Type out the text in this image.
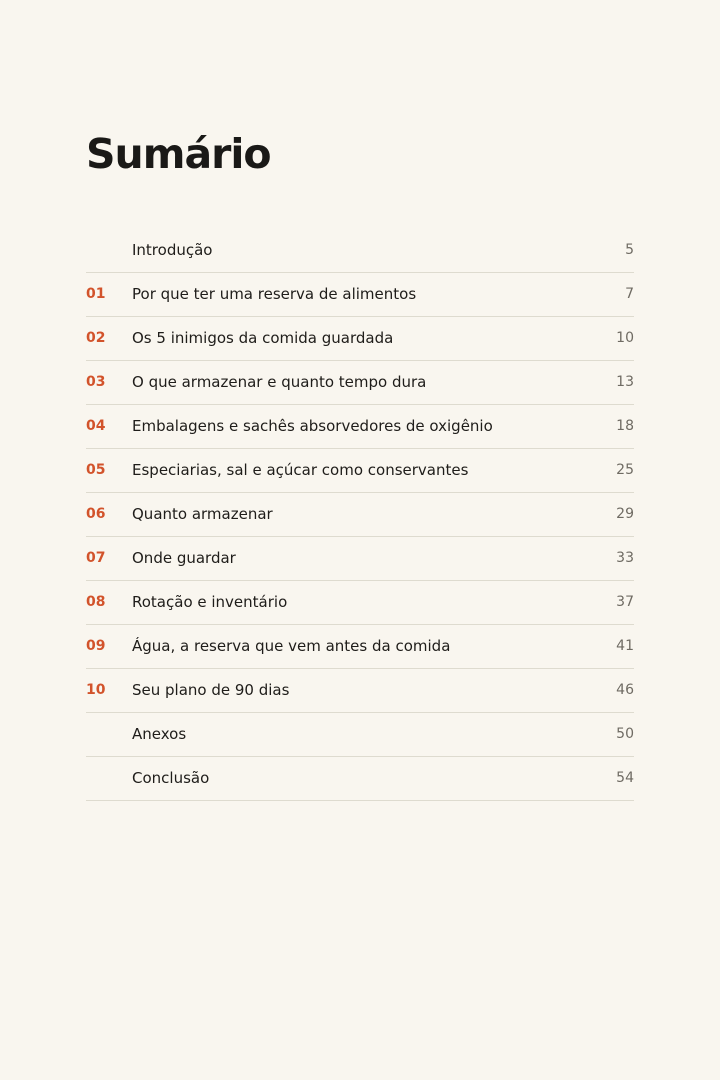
Sumário
Introdução	5
01 Por que ter uma reserva de alimentos	7
02 Os 5 inimigos da comida guardada	10
03 O que armazenar e quanto tempo dura	13
04 Embalagens e sachês absorvedores de oxigênio	18
05 Especiarias, sal e açúcar como conservantes	25
06 Quanto armazenar	29
07 Onde guardar	33
08 Rotação e inventário	37
09 Água, a reserva que vem antes da comida	41
10 Seu plano de 90 dias	46
Anexos	50
Conclusão	54
